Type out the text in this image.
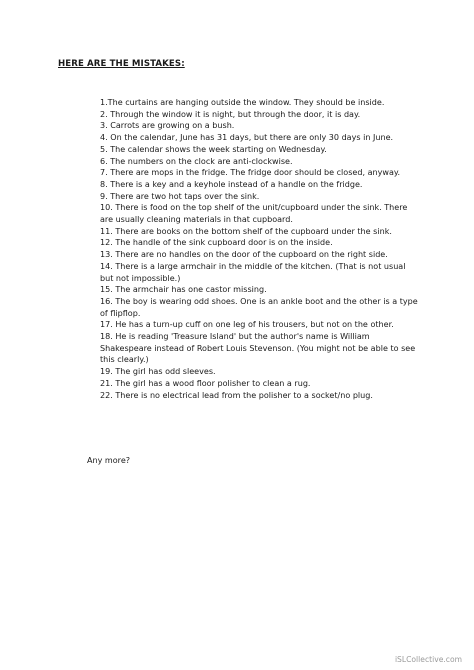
HERE ARE THE MISTAKES:
1.The curtains are hanging outside the window. They should be inside.
2. Through the window it is night, but through the door, it is day.
3. Carrots are growing on a bush.
4. On the calendar, June has 31 days, but there are only 30 days in June.
5. The calendar shows the week starting on Wednesday.
6. The numbers on the clock are anti-clockwise.
7. There are mops in the fridge. The fridge door should be closed, anyway.
8. There is a key and a keyhole instead of a handle on the fridge.
9. There are two hot taps over the sink.
10. There is food on the top shelf of the unit/cupboard under the sink. There are usually cleaning materials in that cupboard.
11. There are books on the bottom shelf of the cupboard under the sink.
12. The handle of the sink cupboard door is on the inside.
13. There are no handles on the door of the cupboard on the right side.
14. There is a large armchair in the middle of the kitchen. (That is not usual but not impossible.)
15. The armchair has one castor missing.
16. The boy is wearing odd shoes. One is an ankle boot and the other is a type of flipflop.
17. He has a turn-up cuff on one leg of his trousers, but not on the other.
18. He is reading 'Treasure Island' but the author's name is William Shakespeare instead of Robert Louis Stevenson. (You might not be able to see this clearly.)
19. The girl has odd sleeves.
21. The girl has a wood floor polisher to clean a rug.
22. There is no electrical lead from the polisher to a socket/no plug.
Any more?
iSLCollective.com
